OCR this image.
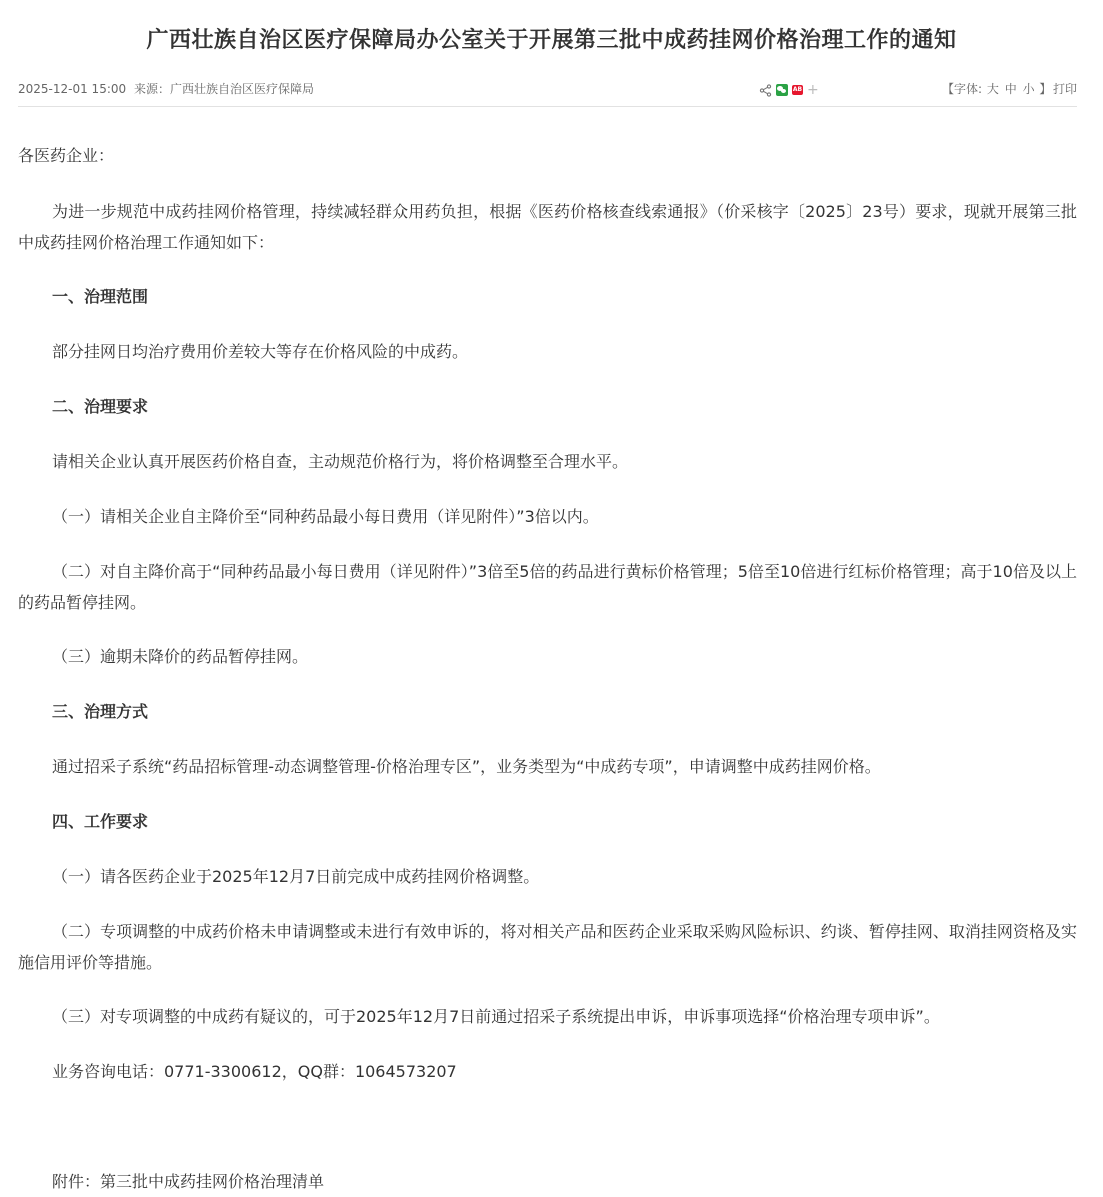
广西壮族自治区医疗保障局办公室关于开展第三批中成药挂网价格治理工作的通知
2025-12-01 15:00 来源：广西壮族自治区医疗保障局	AB +	【字体: 大 中 小 】 打印

各医药企业：

为进一步规范中成药挂网价格管理，持续减轻群众用药负担，根据《医药价格核查线索通报》（价采核字〔2025〕23号）要求，现就开展第三批中成药挂网价格治理工作通知如下：

一、治理范围

部分挂网日均治疗费用价差较大等存在价格风险的中成药。

二、治理要求

请相关企业认真开展医药价格自查，主动规范价格行为，将价格调整至合理水平。

（一）请相关企业自主降价至“同种药品最小每日费用（详见附件）”3倍以内。

（二）对自主降价高于“同种药品最小每日费用（详见附件）”3倍至5倍的药品进行黄标价格管理；5倍至10倍进行红标价格管理；高于10倍及以上的药品暂停挂网。

（三）逾期未降价的药品暂停挂网。

三、治理方式

通过招采子系统“药品招标管理-动态调整管理-价格治理专区”，业务类型为“中成药专项”，申请调整中成药挂网价格。

四、工作要求

（一）请各医药企业于2025年12月7日前完成中成药挂网价格调整。

（二）专项调整的中成药价格未申请调整或未进行有效申诉的，将对相关产品和医药企业采取采购风险标识、约谈、暂停挂网、取消挂网资格及实施信用评价等措施。

（三）对专项调整的中成药有疑议的，可于2025年12月7日前通过招采子系统提出申诉，申诉事项选择“价格治理专项申诉”。

业务咨询电话：0771-3300612，QQ群：1064573207

附件：第三批中成药挂网价格治理清单
